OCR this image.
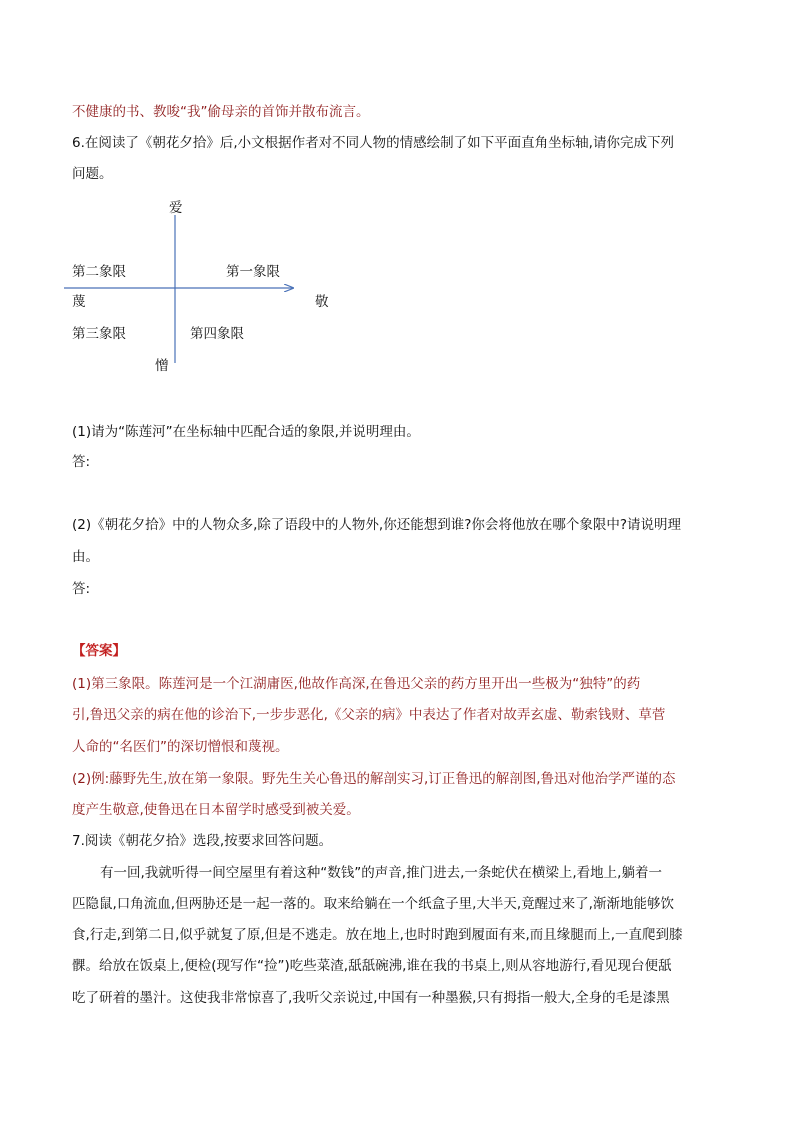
不健康的书、教唆“我”偷母亲的首饰并散布流言。
6.在阅读了《朝花夕拾》后,小文根据作者对不同人物的情感绘制了如下平面直角坐标轴,请你完成下列
问题。
爱
第二象限	第一象限
蔑	敬
第三象限	第四象限
憎
(1)请为“陈莲河”在坐标轴中匹配合适的象限,并说明理由。
答:
(2)《朝花夕拾》中的人物众多,除了语段中的人物外,你还能想到谁?你会将他放在哪个象限中?请说明理
由。
答:
【答案】
(1)第三象限。陈莲河是一个江湖庸医,他故作高深,在鲁迅父亲的药方里开出一些极为“独特”的药
引,鲁迅父亲的病在他的诊治下,一步步恶化,《父亲的病》中表达了作者对故弄玄虚、勒索钱财、草菅
人命的“名医们”的深切憎恨和蔑视。
(2)例:藤野先生,放在第一象限。野先生关心鲁迅的解剖实习,订正鲁迅的解剖图,鲁迅对他治学严谨的态
度产生敬意,使鲁迅在日本留学时感受到被关爱。
7.阅读《朝花夕拾》选段,按要求回答问题。
有一回,我就听得一间空屋里有着这种“数钱”的声音,推门进去,一条蛇伏在横梁上,看地上,躺着一
匹隐鼠,口角流血,但两胁还是一起一落的。取来给躺在一个纸盒子里,大半天,竟醒过来了,渐渐地能够饮
食,行走,到第二日,似乎就复了原,但是不逃走。放在地上,也时时跑到履面有来,而且缘腿而上,一直爬到膝
髁。给放在饭桌上,便检(现写作“捡”)吃些菜渣,舐舐碗沸,谁在我的书桌上,则从容地游行,看见现台便舐
吃了研着的墨汁。这使我非常惊喜了,我听父亲说过,中国有一种墨猴,只有拇指一般大,全身的毛是漆黑
